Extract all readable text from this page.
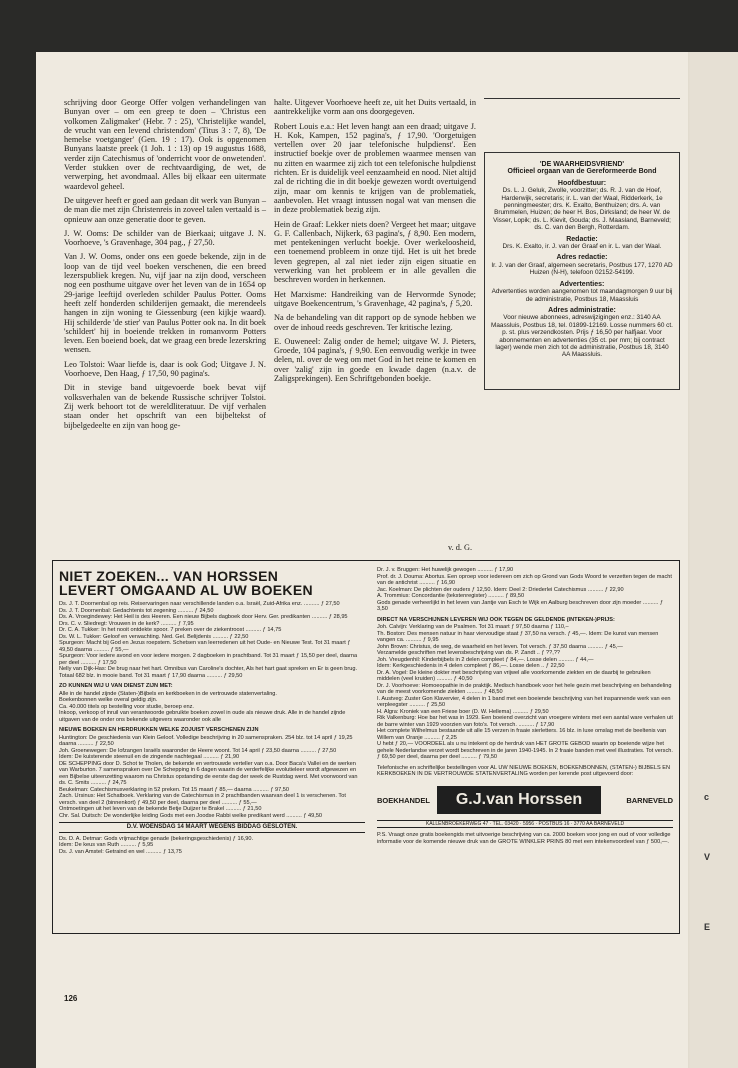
c
V
E

schrijving door George Offer volgen verhandelingen van Bunyan over – om een greep te doen – 'Christus een volkomen Zaligmaker' (Hebr. 7 : 25), 'Christelijke wandel, de vrucht van een levend christendom' (Titus 3 : 7, 8), 'De hemelse voetganger' (Gen. 19 : 17). Ook is opgenomen Bunyans laatste preek (1 Joh. 1 : 13) op 19 augustus 1688, verder zijn Catechismus of 'onderricht voor de onwetenden'. Verder stukken over de rechtvaardiging, de wet, de verwerping, het avondmaal. Alles bij elkaar een uitermate waardevol geheel.

De uitgever heeft er goed aan gedaan dit werk van Bunyan – de man die met zijn Christenreis in zoveel talen vertaald is – opnieuw aan onze generatie door te geven.

J. W. Ooms: De schilder van de Bierkaai; uitgave J. N. Voorhoeve, 's Gravenhage, 304 pag., ƒ 27,50.

Van J. W. Ooms, onder ons een goede bekende, zijn in de loop van de tijd veel boeken verschenen, die een breed lezerspubliek kregen. Nu, vijf jaar na zijn dood, verscheen nog een posthume uitgave over het leven van de in 1654 op 29-jarige leeftijd overleden schilder Paulus Potter. Ooms heeft zelf honderden schilderijen gemaakt, die merendeels hangen in zijn woning te Giessenburg (een kijkje waard). Hij schilderde 'de stier' van Paulus Potter ook na. In dit boek 'schildert' hij in boeiende trekken in romanvorm Potters leven. Een boeiend boek, dat we graag een brede lezerskring wensen.

Leo Tolstoi: Waar liefde is, daar is ook God; Uitgave J. N. Voorhoeve, Den Haag, ƒ 17,50, 90 pagina's.

Dit in stevige band uitgevoerde boek bevat vijf volksverhalen van de bekende Russische schrijver Tolstoi. Zij werk behoort tot de wereldliteratuur. De vijf verhalen staan onder het opschrift van een bijbeltekst of bijbelgedeelte en zijn van hoog ge-

halte. Uitgever Voorhoeve heeft ze, uit het Duits vertaald, in aantrekkelijke vorm aan ons doorgegeven.

Robert Louis e.a.: Het leven hangt aan een draad; uitgave J. H. Kok, Kampen, 152 pagina's, ƒ 17,90. 'Oorgetuigen vertellen over 20 jaar telefonische hulpdienst'. Een instructief boekje over de problemen waarmee mensen van nu zitten en waarmee zij zich tot een telefonische hulpdienst richten. Er is duidelijk veel eenzaamheid en nood. Niet altijd zal de richting die in dit boekje gewezen wordt overtuigend zijn, maar om kennis te krijgen van de problematiek, aanbevolen. Het vraagt intussen nogal wat van mensen die in deze problematiek bezig zijn.

Hein de Graaf: Lekker niets doen? Vergeet het maar; uitgave G. F. Callenbach, Nijkerk, 63 pagina's, ƒ 8,90. Een modern, met pentekeningen verlucht boekje. Over werkeloosheid, een toenemend probleem in onze tijd. Het is uit het brede leven gegrepen, al zal niet ieder zijn eigen situatie en verwerking van het probleem er in alle gevallen die beschreven worden in herkennen.

Het Marxisme: Handreiking van de Hervormde Synode; uitgave Boekencentrum, 's Gravenhage, 42 pagina's, ƒ 5,20.

Na de behandeling van dit rapport op de synode hebben we over de inhoud reeds geschreven. Ter kritische lezing.

E. Ouweneel: Zalig onder de hemel; uitgave W. J. Pieters, Groede, 104 pagina's, ƒ 9,90. Een eenvoudig werkje in twee delen, nl. over de weg om met God in het reine te komen en over 'zalig' zijn in goede en kwade dagen (n.a.v. de Zaligsprekingen). Een Schriftgebonden boekje.

v. d. G.
'DE WAARHEIDSVRIEND'
Officieel orgaan van de Gereformeerde Bond
Hoofdbestuur:
Ds. L. J. Geluk, Zwolle, voorzitter; ds. R. J. van de Hoef, Harderwijk, secretaris; ir. L. van der Waal, Ridderkerk, 1e penningmeester; drs. K. Exalto, Benthuizen; drs. A. van Brummelen, Huizen; de heer H. Bos, Dirksland; de heer W. de Visser, Lopik; ds. L. Kievit, Gouda; ds. J. Maasland, Barneveld; ds. C. van den Bergh, Rotterdam.
Redactie:
Drs. K. Exalto, ir. J. van der Graaf en ir. L. van der Waal.
Adres redactie:
Ir. J. van der Graaf, algemeen secretaris, Postbus 177, 1270 AD Huizen (N-H), telefoon 02152-54199.
Advertenties:
Advertenties worden aangenomen tot maandagmorgen 9 uur bij de administratie, Postbus 18, Maassluis
Adres administratie:
Voor nieuwe abonnees, adreswijzigingen enz.: 3140 AA Maassluis, Postbus 18, tel. 01899-12169. Losse nummers 60 ct. p. st. plus verzendkosten. Prijs ƒ 16,50 per halfjaar. Voor abonnementen en advertenties (35 ct. per mm; bij contract lager) wende men zich tot de administratie, Postbus 18, 3140 AA Maassluis.
NIET ZOEKEN... VAN HORSSEN
LEVERT OMGAAND AL UW BOEKEN
Ds. J. T. Doornenbal op reis. Reiservaringen naar verschillende landen o.a. Israël, Zuid-Afrika enz. .......... ƒ 27,50
Ds. J. T. Doornenbal: Gedachtenis tot zegening .......... ƒ 24,50
Ds. A. Vroegindewey: Het Heil is des Heeren. Een nieuw Bijbels dagboek door Herv. Ger. predikanten .......... ƒ 28,95
Drs. C. v. Sliedregt: Vrouwen in de kerk? .......... ƒ 7,95
Dr. C. A. Tukker: In het nooit ontdekte spoor. 7 preken over de ziekentroost .......... ƒ 14,75
Ds. W. L. Tukker: Geloof en verwachting. Ned. Gel. Belijdenis .......... ƒ 22,50
Spurgeon: Macht bij God en Jezus roepstem. Schetsen van leerredenen uit het Oude- en Nieuwe Test. Tot 31 maart ƒ 49,50 daarna .......... ƒ 55,—
Spurgeon: Voor iedere avond en voor iedere morgen. 2 dagboeken in prachtband. Tot 31 maart ƒ 15,50 per deel, daarna per deel .......... ƒ 17,50
Nelly van Dijk-Has: De brug naar het hart. Omnibus van Caroline's dochter, Als het hart gaat spreken en Er is geen brug. Totaal 682 blz. in mooie band. Tot 31 maart ƒ 17,90 daarna .......... ƒ 29,50
ZO KUNNEN WIJ U VAN DIENST ZIJN MET:
Alle in de handel zijnde (Staten-)Bijbels en kerkboeken in de vertrouwde statenvertaling.
Boekenbonnen welke overal geldig zijn.
Ca. 40.000 titels op bestelling voor studie, beroep enz.
Inkoop, verkoop of inruil van verantwoorde gebruikte boeken zowel in oude als nieuwe druk. Alle in de handel zijnde uitgaven van de onder ons bekende uitgevers waaronder ook alle
NIEUWE BOEKEN EN HERDRUKKEN WELKE ZOJUIST VERSCHENEN ZIJN
Huntington: De geschiedenis van Klein Geloof. Volledige beschrijving in 20 samenspraken. 254 blz. tot 14 april ƒ 19,25 daarna .......... ƒ 22,50
Joh. Groenewegen: De lofzangen Israëls waaronder de Heere woont. Tot 14 april ƒ 23,50 daarna .......... ƒ 27,50
Idem: De kuisterende steenuil en de zingende nachtegaal .......... ƒ 21,90
DE SCHEPPING door D. Schot te Tholen, de bekende en vertrouwde verteller van o.a. Door Baca's Vallei en de werken van Warburton. 7 samenspraken over De Schepping in 6 dagen waarin de verderfelijke evolutieleer wordt afgewezen en een Bijbelse uiteenzetting waarom na Christus opstanding de eerste dag der week de Rustdag werd. Met voorwoord van ds. C. Smits .......... ƒ 24,75
Beukelman: Catechismusverklaring in 52 preken. Tot 15 maart ƒ 85,— daarna .......... ƒ 97,50
Zach. Ursinus: Het Schatboek. Verklaring van de Catechismus in 2 prachtbanden waarvan deel 1 is verschenen. Tot versch. van deel 2 (binnenkort) ƒ 49,50 per deel, daarna per deel .......... ƒ 55,—
Ontmoetingen uit het leven van de bekende Betje Duijzer te Brakel .......... ƒ 21,50
Chr. Sal. Duitsch: De wonderlijke leiding Gods met een Joodse Rabbi welke predikant werd .......... ƒ 49,50
D.V. WOENSDAG 14 MAART WEGENS BIDDAG GESLOTEN.
Ds. D. A. Detmar: Gods vrijmachtige genade (bekeringsgeschiedenis) ƒ 16,90.
Idem: De keus van Ruth .......... ƒ 5,95
Ds. J. van Amstel: Getraind en wel .......... ƒ 13,75
Dr. J. v. Bruggen: Het huwelijk gewogen .......... ƒ 17,90
Prof. dr. J. Douma: Abortus. Een oproep voor iedereen om zich op Grond van Gods Woord te verzetten tegen de macht van de antichrist .......... ƒ 16,90
Jac. Koelman: De plichten der ouders ƒ 12,50. Idem: Deel 2: Driederlei Catechismus .......... ƒ 22,90
A. Trommius: Concordantie (tekstenregister) .......... ƒ 89,50
Gods genade verheerlijkt in het leven van Jantje van Esch te Wijk en Aalburg beschreven door zijn moeder .......... ƒ 3,50
DIRECT NA VERSCHIJNEN LEVEREN WIJ OOK TEGEN DE GELDENDE (INTEKEN-)PRIJS:
Joh. Calvijn: Verklaring van de Psalmen. Tot 31 maart ƒ 97,50 daarna ƒ 110,–
Th. Boston: Des mensen natuur in haar viervoudige staat ƒ 37,50 na versch. ƒ 45,—. Idem: De kunst van mensen vangen ca. .......... ƒ 9,95
John Brown: Christus, de weg, de waarheid en het leven. Tot versch. ƒ 37,50 daarna .......... ƒ 45,—
Verzamelde geschriften met levensbeschrijving van ds. P. Zandt .. ƒ ??,??
Joh. Vreugdenhil: Kinderbijbels in 2 delen compleet ƒ 84,—. Losse delen .......... ƒ 44,—
Idem: Kerkgeschiedenis in 4 delen compleet ƒ 86,—. Losse delen .. ƒ 22,50
Dr. A. Vogel: De kleine dokter met beschrijving van vrijwel alle voorkomende ziekten en de daarbij te gebruiken middelen (veel kruiden) .......... ƒ 40,50
Dr. J. Voorhoeve: Homoeopathie in de praktijk. Medisch handboek voor het hele gezin met beschrijving en behandeling van de meest voorkomende ziekten .......... ƒ 48,50
I. Austveg: Zuster Gon Klavervier, 4 delen in 1 band met een boeiende beschrijving van het inspannende werk van een verpleegster .......... ƒ 25,50
H. Algra: Kroniek van een Friese boer (D. W. Hellema) .......... ƒ 29,50
Rik Valkenburg: Hoe bar het was in 1929. Een boeiend overzicht van vroegere winters met een aantal ware verhalen uit de barre winter van 1929 voorzien van foto's. Tot versch. .......... ƒ 17,90
Het complete Wilhelmus bestaande uit alle 15 verzen in fraaie sierletters. 16 blz. in luxe omslag met de beeltenis van Willem van Oranje .......... ƒ 2,25
U hebt ƒ 20,— VOORDEEL als u nu intekent op de herdruk van HET GROTE GEBOD waarin op boeiende wijze het gehele Nederlandse verzet wordt beschreven in de jaren 1940-1945. In 2 fraaie banden met veel illustraties. Tot versch. ƒ 69,50 per deel, daarna per deel .......... ƒ 79,50
Telefonische en schriftelijke bestellingen voor AL UW NIEUWE BOEKEN, BOEKENBONNEN, (STATEN-) BIJBELS EN KERKBOEKEN IN DE VERTROUWDE STATENVERTALING worden per kerende post uitgevoerd door:
BOEKHANDEL	G.J.van Horssen	BARNEVELD
KALLENBROEKERWEG 47 · TEL. 03420 · 5956 · POSTBUS 16 · 3770 AA BARNEVELD
P.S. Vraagt onze gratis boekengids met uitvoerige beschrijving van ca. 2000 boeken voor jong en oud of voor volledige informatie voor de komende nieuwe druk van de GROTE WINKLER PRINS 80 met een intekenvoordeel van ƒ 500,—.
126
